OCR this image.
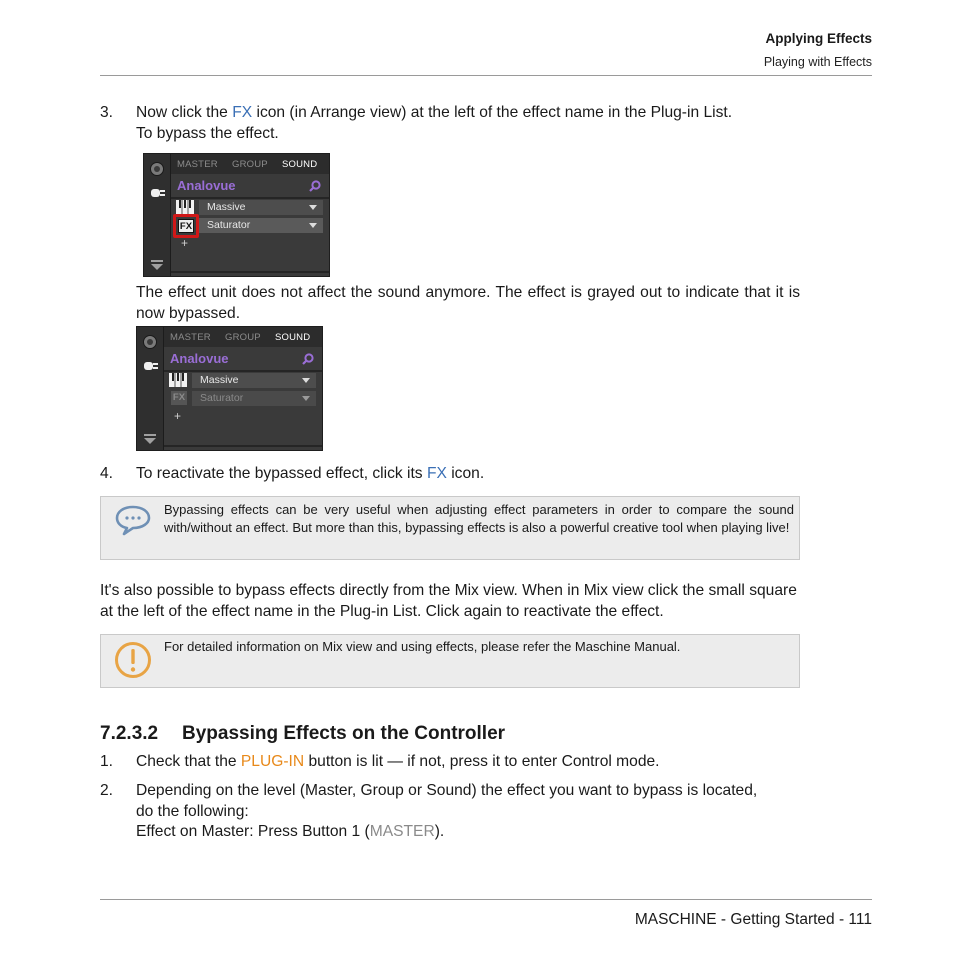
Applying Effects
Playing with Effects
3. Now click the FX icon (in Arrange view) at the left of the effect name in the Plug-in List.
To bypass the effect.
MASTER GROUP SOUND
Analovue
Massive
FX Saturator
+
The effect unit does not affect the sound anymore. The effect is grayed out to indicate that it is now bypassed.
MASTER GROUP SOUND
Analovue
Massive
FX Saturator
+
4. To reactivate the bypassed effect, click its FX icon.
Bypassing effects can be very useful when adjusting effect parameters in order to compare the sound with/without an effect. But more than this, bypassing effects is also a powerful creative tool when playing live!
It's also possible to bypass effects directly from the Mix view. When in Mix view click the small square at the left of the effect name in the Plug-in List. Click again to reactivate the effect.
For detailed information on Mix view and using effects, please refer the Maschine Manual.
7.2.3.2 Bypassing Effects on the Controller
1. Check that the PLUG-IN button is lit — if not, press it to enter Control mode.
2. Depending on the level (Master, Group or Sound) the effect you want to bypass is located,
do the following:
Effect on Master: Press Button 1 (MASTER).
MASCHINE - Getting Started - 111
